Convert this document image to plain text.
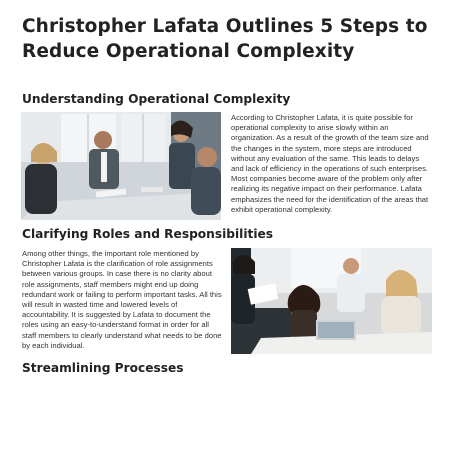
Christopher Lafata Outlines 5 Steps to Reduce Operational Complexity
Understanding Operational Complexity

According to Christopher Lafata, it is quite possible for operational complexity to arise slowly within an organization. As a result of the growth of the team size and the changes in the system, more steps are introduced without any evaluation of the same. This leads to delays and lack of efficiency in the operations of such enterprises. Most companies become aware of the problem only after realizing its negative impact on their performance. Lafata emphasizes the need for the identification of the areas that exhibit operational complexity.

Clarifying Roles and Responsibilities

Among other things, the important role mentioned by Christopher Lafata is the clarification of role assignments between various groups. In case there is no clarity about role assignments, staff members might end up doing redundant work or failing to perform important tasks. All this will result in wasted time and lowered levels of accountability. It is suggested by Lafata to document the roles using an easy-to-understand format in order for all staff members to clearly understand what needs to be done by each individual.

Streamlining Processes
